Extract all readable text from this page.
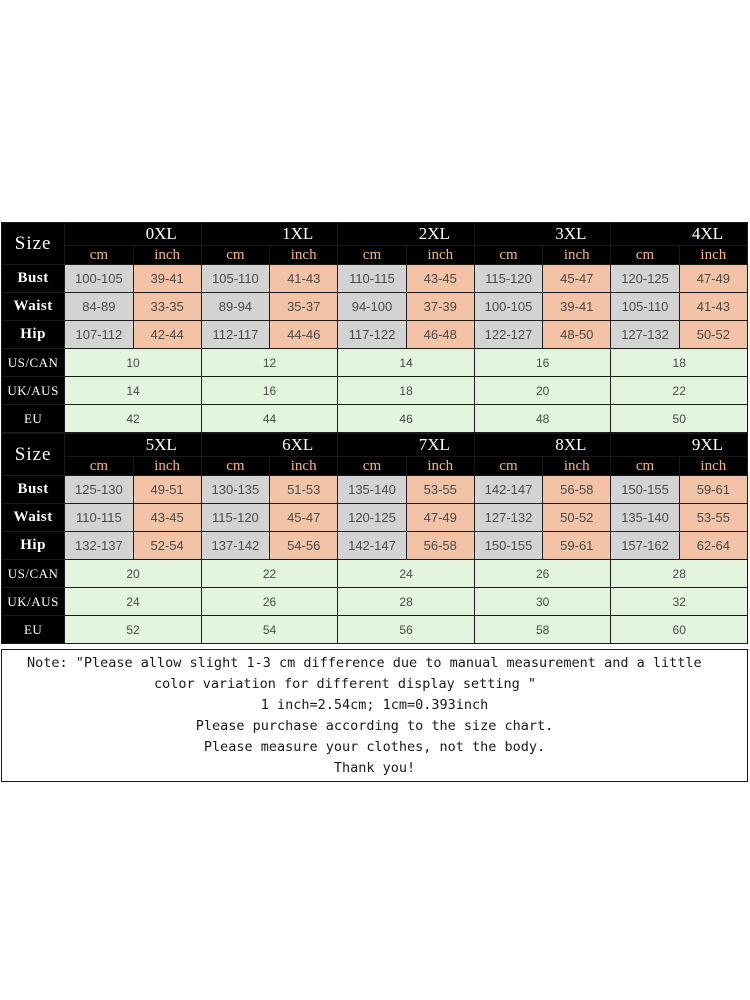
Size	0XL		1XL		2XL		3XL		4XL	
	cm	inch	cm	inch	cm	inch	cm	inch	cm	inch
Bust	100-105	39-41	105-110	41-43	110-115	43-45	115-120	45-47	120-125	47-49
Waist	84-89	33-35	89-94	35-37	94-100	37-39	100-105	39-41	105-110	41-43
Hip	107-112	42-44	112-117	44-46	117-122	46-48	122-127	48-50	127-132	50-52
US/CAN	10		12		14		16		18	
UK/AUS	14		16		18		20		22	
EU	42		44		46		48		50	

Size	5XL		6XL		7XL		8XL		9XL	
	cm	inch	cm	inch	cm	inch	cm	inch	cm	inch
Bust	125-130	49-51	130-135	51-53	135-140	53-55	142-147	56-58	150-155	59-61
Waist	110-115	43-45	115-120	45-47	120-125	47-49	127-132	50-52	135-140	53-55
Hip	132-137	52-54	137-142	54-56	142-147	56-58	150-155	59-61	157-162	62-64
US/CAN	20		22		24		26		28	
UK/AUS	24		26		28		30		32	
EU	52		54		56		58		60	
Note: "Please allow slight 1-3 cm difference due to manual measurement and a little
color variation for different display setting "
1 inch=2.54cm; 1cm=0.393inch
Please purchase according to the size chart.
Please measure your clothes, not the body.
Thank you!
